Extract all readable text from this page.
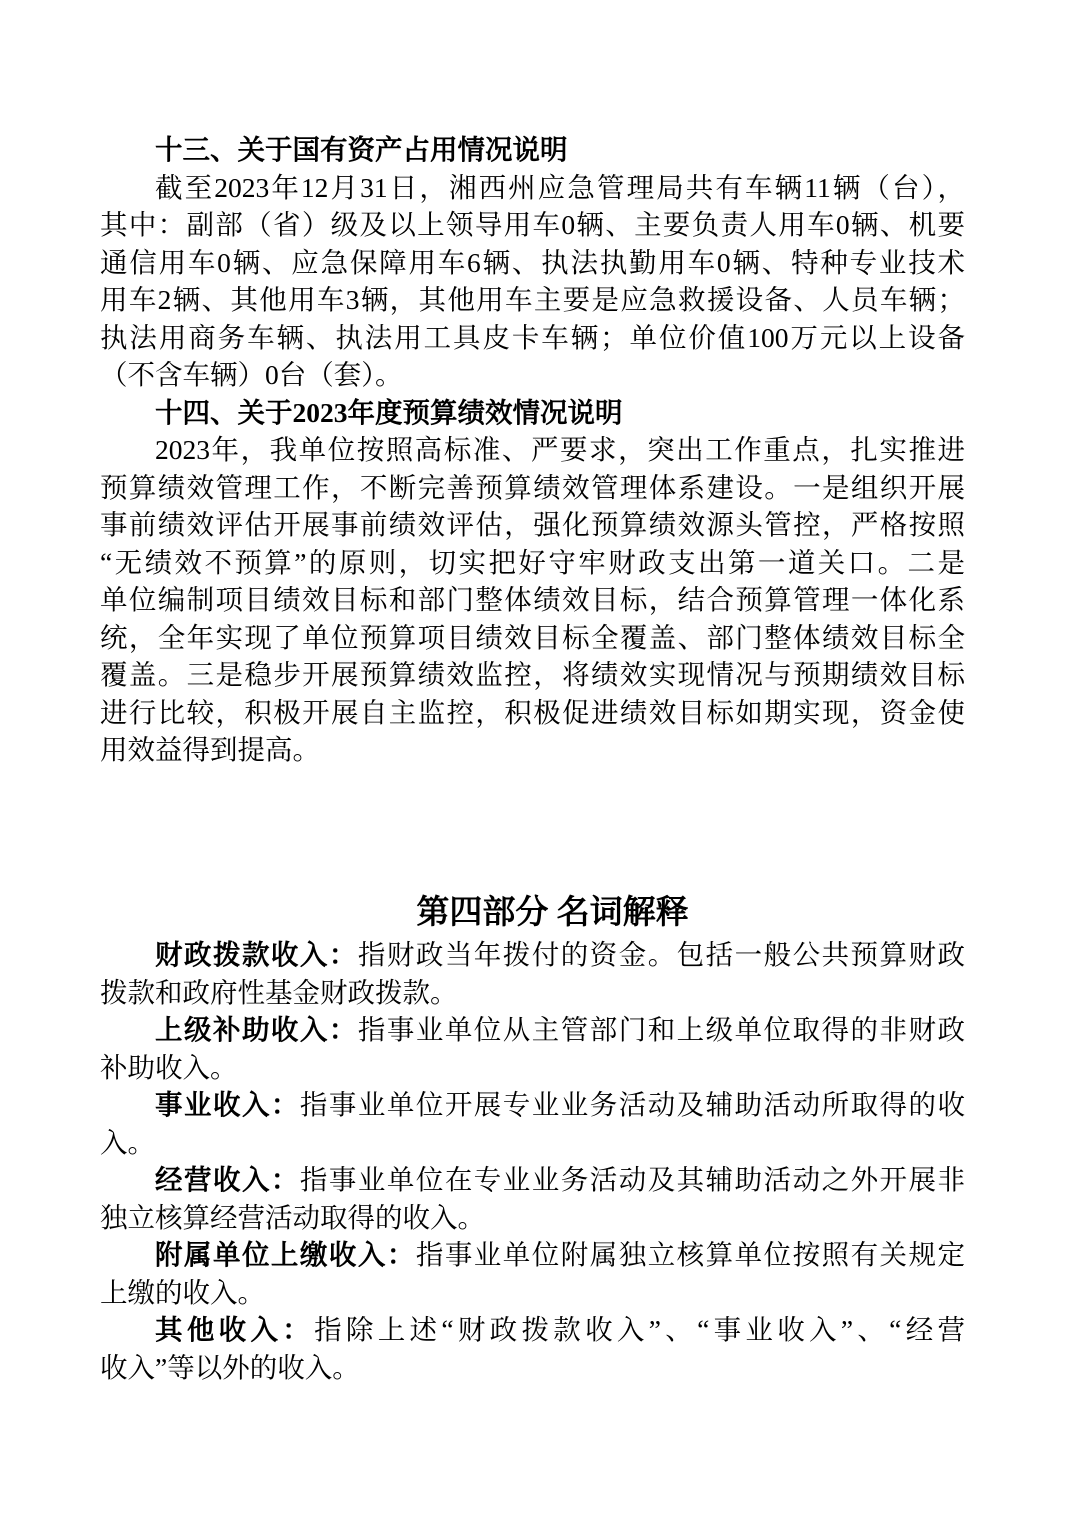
十三、关于国有资产占用情况说明
截至2023年12月31日，湘西州应急管理局共有车辆11辆（台），
其中：副部（省）级及以上领导用车0辆、主要负责人用车0辆、机要
通信用车0辆、应急保障用车6辆、执法执勤用车0辆、特种专业技术
用车2辆、其他用车3辆，其他用车主要是应急救援设备、人员车辆；
执法用商务车辆、执法用工具皮卡车辆；单位价值100万元以上设备
（不含车辆）0台（套）。
十四、关于2023年度预算绩效情况说明
2023年，我单位按照高标准、严要求，突出工作重点，扎实推进
预算绩效管理工作，不断完善预算绩效管理体系建设。一是组织开展
事前绩效评估开展事前绩效评估，强化预算绩效源头管控，严格按照
“无绩效不预算”的原则，切实把好守牢财政支出第一道关口。二是
单位编制项目绩效目标和部门整体绩效目标，结合预算管理一体化系
统，全年实现了单位预算项目绩效目标全覆盖、部门整体绩效目标全
覆盖。三是稳步开展预算绩效监控，将绩效实现情况与预期绩效目标
进行比较，积极开展自主监控，积极促进绩效目标如期实现，资金使
用效益得到提高。
第四部分 名词解释
财政拨款收入：指财政当年拨付的资金。包括一般公共预算财政
拨款和政府性基金财政拨款。
上级补助收入：指事业单位从主管部门和上级单位取得的非财政
补助收入。
事业收入：指事业单位开展专业业务活动及辅助活动所取得的收
入。
经营收入：指事业单位在专业业务活动及其辅助活动之外开展非
独立核算经营活动取得的收入。
附属单位上缴收入：指事业单位附属独立核算单位按照有关规定
上缴的收入。
其他收入：指除上述“财政拨款收入”、“事业收入”、“经营
收入”等以外的收入。
